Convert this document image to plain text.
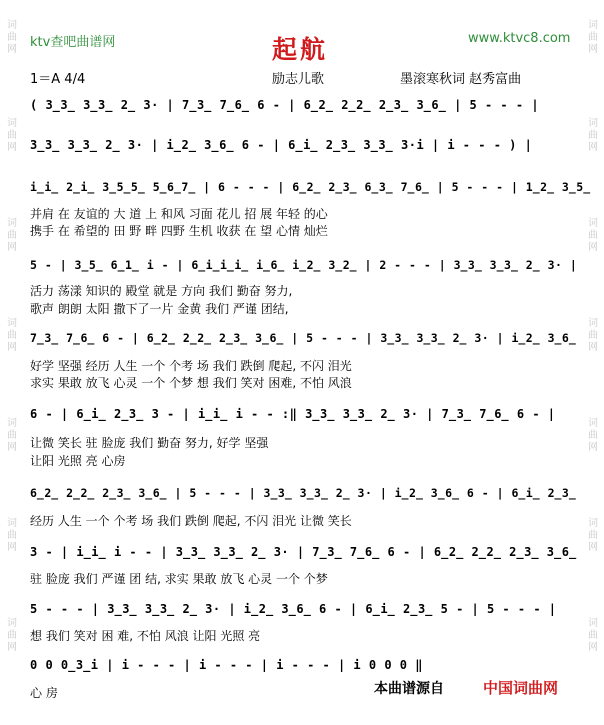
词曲网
词曲网
词曲网
词曲网
词曲网
词曲网
词曲网
词曲网
词曲网
词曲网
词曲网
词曲网
词曲网
词曲网
ktv查吧曲谱网	www.ktvc8.com
起航
1＝A 4/4	励志儿歌	墨滚寒秋词 赵秀富曲
( 3̲3̲ 3̲3̲ 2̲ 3· | 7̲3̲ 7̲6̲ 6 - | 6̲2̲ 2̲2̲ 2̲3̲ 3̲6̲ | 5 - - - |
3̲3̲ 3̲3̲ 2̲ 3· | i̲2̲ 3̲6̲ 6 - | 6̲i̲ 2̲3̲ 3̲3̲ 3·i | i - - - ) |
i̲i̲ 2̲i̲ 3̲5̲5̲ 5̲6̲7̲ | 6 - - - | 6̲2̲ 2̲3̲ 6̲3̲ 7̲6̲ | 5 - - - | 1̲2̲ 3̲5̲
并肩 在 友谊的 大 道 上 和风 习面 花儿 招 展 年轻 的心
携手 在 希望的 田 野 畔 四野 生机 收获 在 望 心情 灿烂
5 - | 3̲5̲ 6̲1̲ i - | 6̲i̲i̲i̲ i̲6̲ i̲2̲ 3̲2̲ | 2 - - - | 3̲3̲ 3̲3̲ 2̲ 3· |
活力 荡漾 知识的 殿堂 就是 方向 我们 勤奋 努力,
歌声 朗朗 太阳 撒下了一片 金黄 我们 严谨 团结,
7̲3̲ 7̲6̲ 6 - | 6̲2̲ 2̲2̲ 2̲3̲ 3̲6̲ | 5 - - - | 3̲3̲ 3̲3̲ 2̲ 3· | i̲2̲ 3̲6̲
好学 坚强 经历 人生 一个 个考 场 我们 跌倒 爬起, 不闪 泪光
求实 果敢 放飞 心灵 一个 个梦 想 我们 笑对 困难, 不怕 风浪
6 - | 6̲i̲ 2̲3̲ 3 - | i̲i̲ i - - :‖ 3̲3̲ 3̲3̲ 2̲ 3· | 7̲3̲ 7̲6̲ 6 - |
让微 笑长 驻 脸庞 我们 勤奋 努力, 好学 坚强
让阳 光照 亮 心房
6̲2̲ 2̲2̲ 2̲3̲ 3̲6̲ | 5 - - - | 3̲3̲ 3̲3̲ 2̲ 3· | i̲2̲ 3̲6̲ 6 - | 6̲i̲ 2̲3̲
经历 人生 一个 个考 场 我们 跌倒 爬起, 不闪 泪光 让微 笑长
3 - | i̲i̲ i - - | 3̲3̲ 3̲3̲ 2̲ 3· | 7̲3̲ 7̲6̲ 6 - | 6̲2̲ 2̲2̲ 2̲3̲ 3̲6̲
驻 脸庞 我们 严谨 团 结, 求实 果敢 放飞 心灵 一个 个梦
5 - - - | 3̲3̲ 3̲3̲ 2̲ 3· | i̲2̲ 3̲6̲ 6 - | 6̲i̲ 2̲3̲ 5 - | 5 - - - |
想 我们 笑对 困 难, 不怕 风浪 让阳 光照 亮
0 0 0̲3̲i | i - - - | i - - - | i - - - | i 0 0 0 ‖
心 房	本曲谱源自	中国词曲网
